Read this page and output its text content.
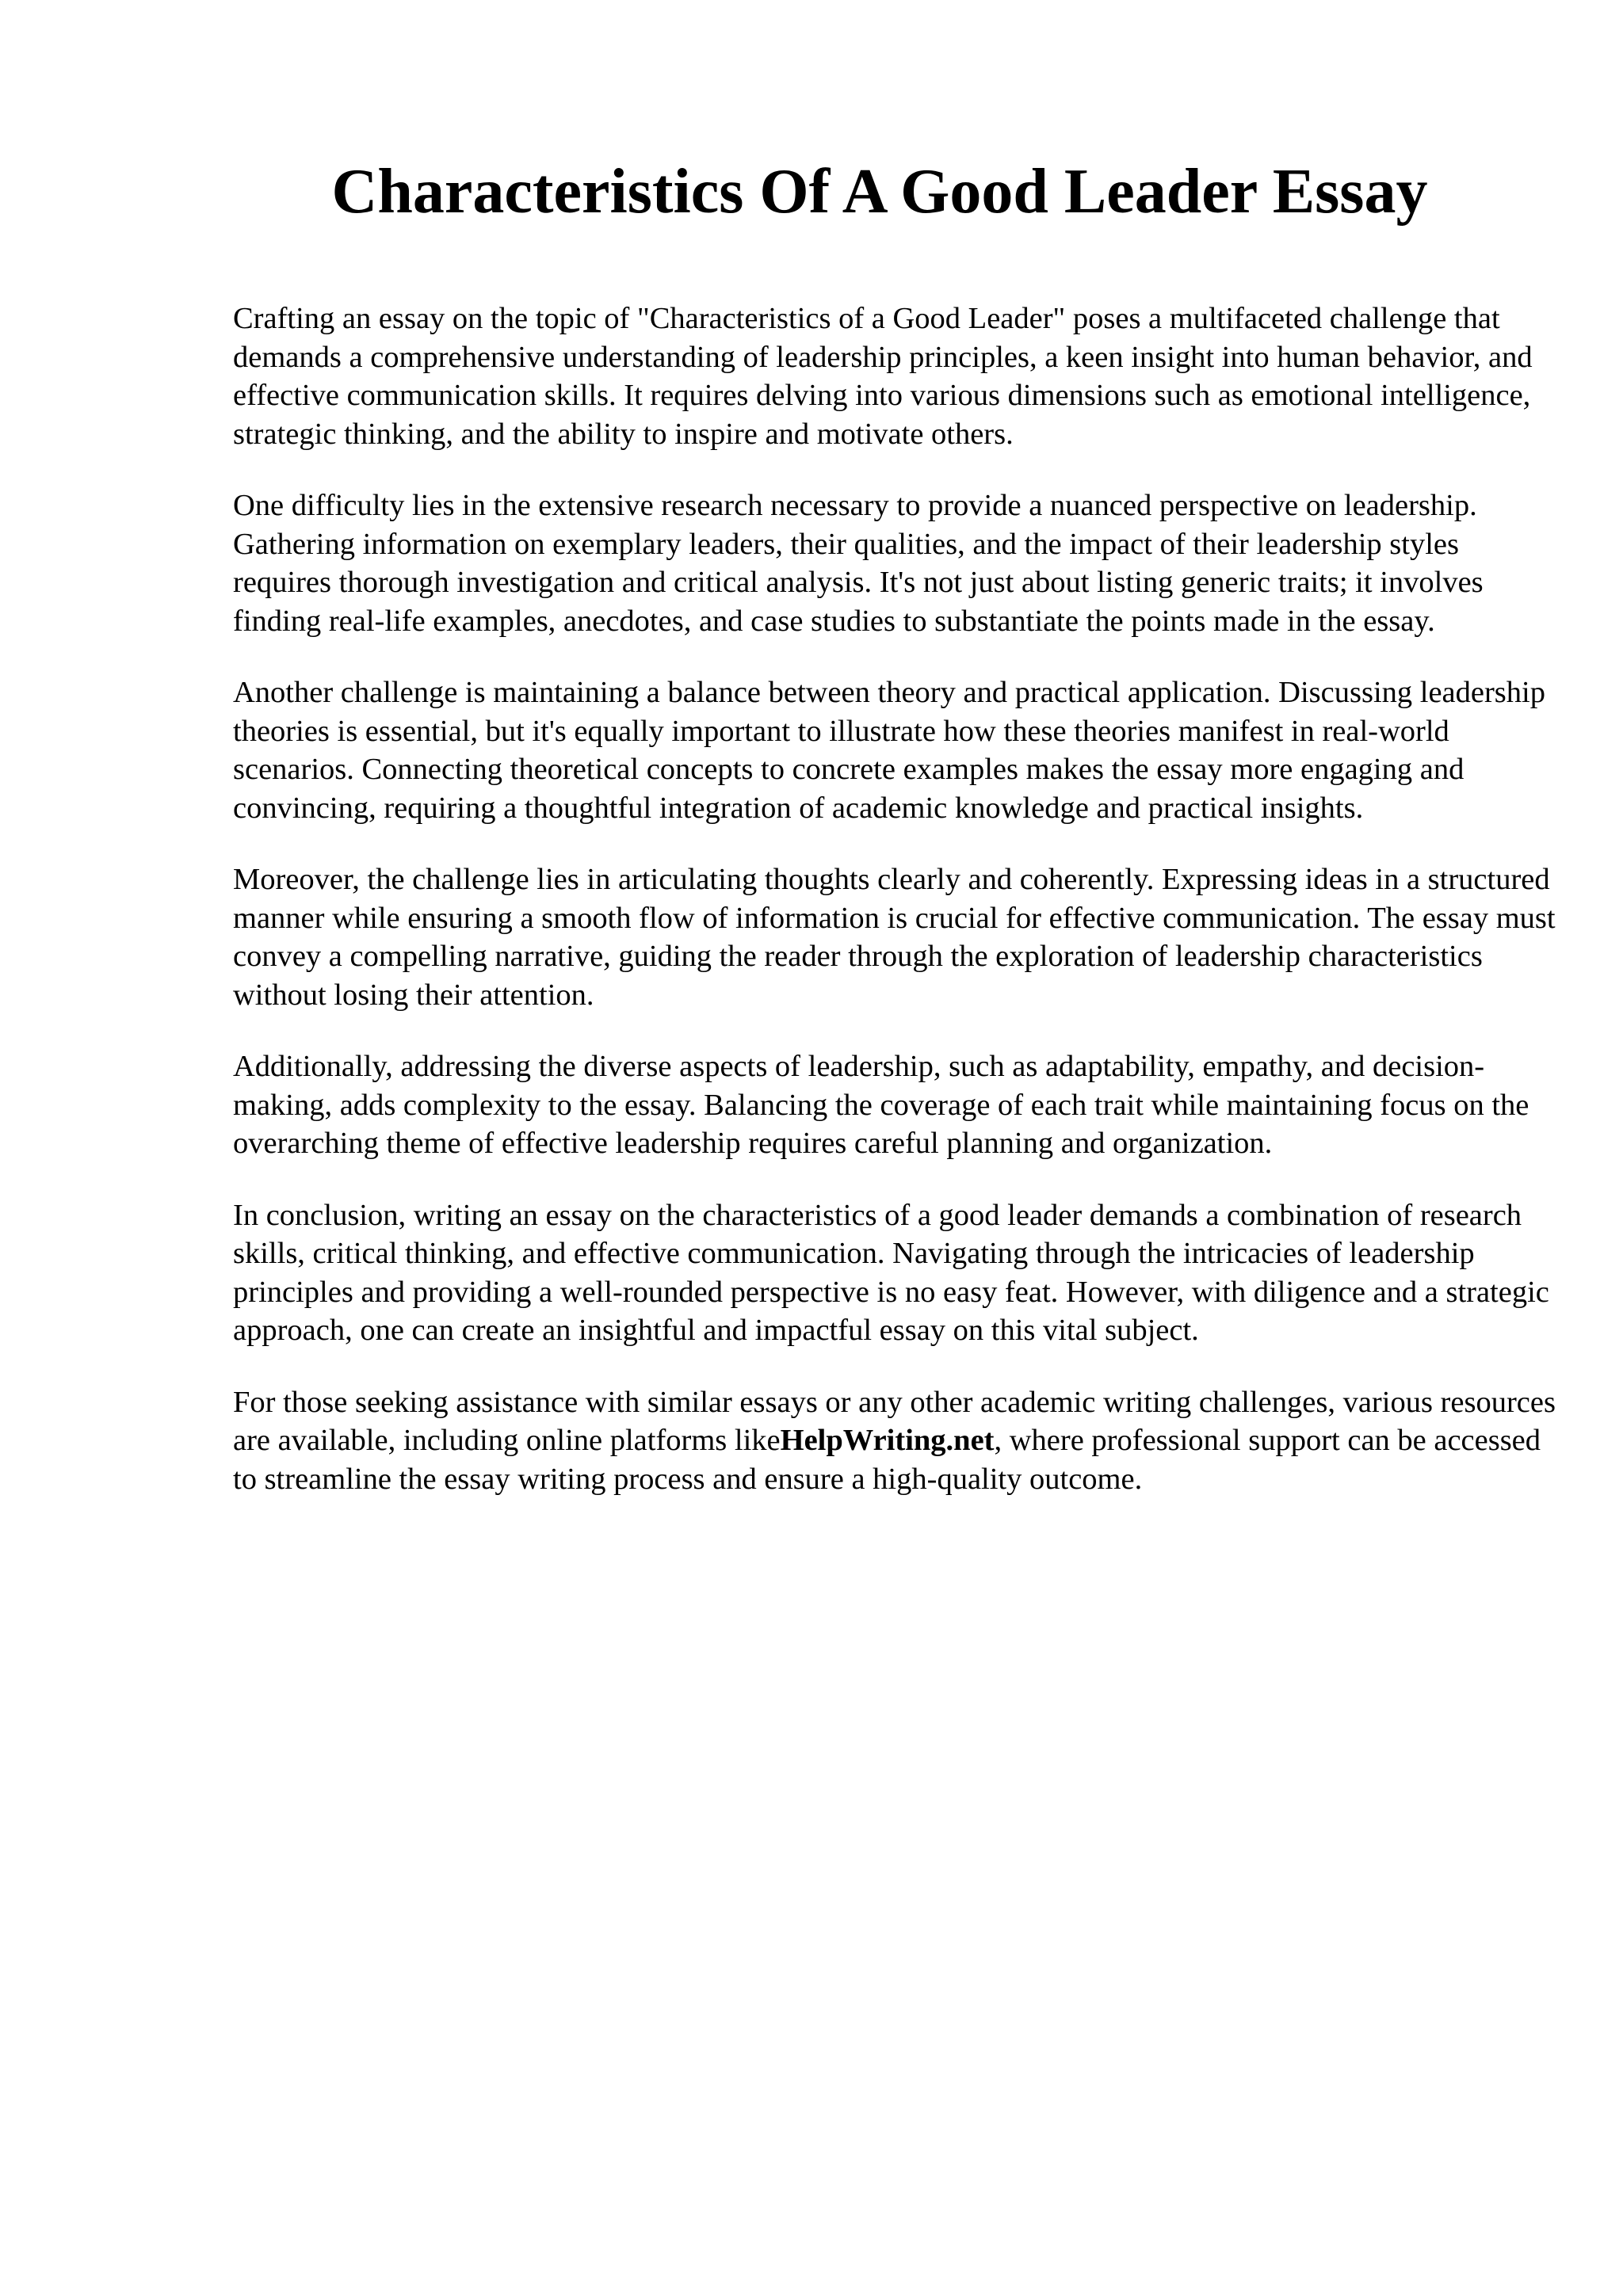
Characteristics Of A Good Leader Essay

Crafting an essay on the topic of "Characteristics of a Good Leader" poses a multifaceted challenge that demands a comprehensive understanding of leadership principles, a keen insight into human behavior, and effective communication skills. It requires delving into various dimensions such as emotional intelligence, strategic thinking, and the ability to inspire and motivate others.

One difficulty lies in the extensive research necessary to provide a nuanced perspective on leadership. Gathering information on exemplary leaders, their qualities, and the impact of their leadership styles requires thorough investigation and critical analysis. It's not just about listing generic traits; it involves finding real-life examples, anecdotes, and case studies to substantiate the points made in the essay.

Another challenge is maintaining a balance between theory and practical application. Discussing leadership theories is essential, but it's equally important to illustrate how these theories manifest in real-world scenarios. Connecting theoretical concepts to concrete examples makes the essay more engaging and convincing, requiring a thoughtful integration of academic knowledge and practical insights.

Moreover, the challenge lies in articulating thoughts clearly and coherently. Expressing ideas in a structured manner while ensuring a smooth flow of information is crucial for effective communication. The essay must convey a compelling narrative, guiding the reader through the exploration of leadership characteristics without losing their attention.

Additionally, addressing the diverse aspects of leadership, such as adaptability, empathy, and decision-making, adds complexity to the essay. Balancing the coverage of each trait while maintaining focus on the overarching theme of effective leadership requires careful planning and organization.

In conclusion, writing an essay on the characteristics of a good leader demands a combination of research skills, critical thinking, and effective communication. Navigating through the intricacies of leadership principles and providing a well-rounded perspective is no easy feat. However, with diligence and a strategic approach, one can create an insightful and impactful essay on this vital subject.

For those seeking assistance with similar essays or any other academic writing challenges, various resources are available, including online platforms likeHelpWriting.net, where professional support can be accessed to streamline the essay writing process and ensure a high-quality outcome.
